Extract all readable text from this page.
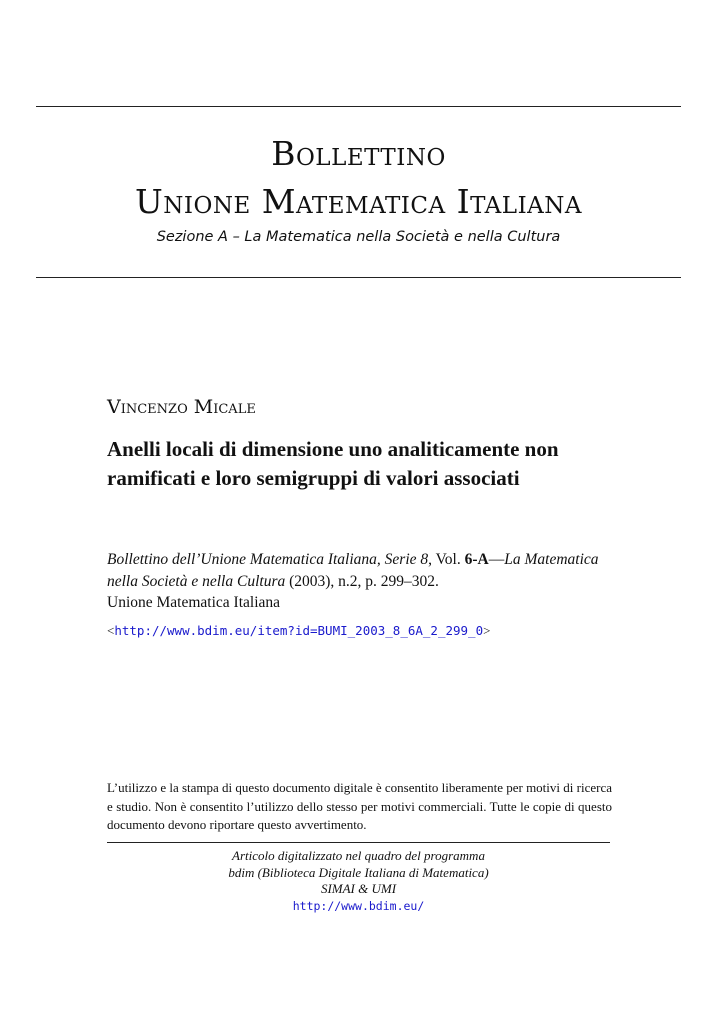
Bollettino
Unione Matematica Italiana
Sezione A – La Matematica nella Società e nella Cultura
Vincenzo Micale
Anelli locali di dimensione uno analiticamente non ramificati e loro semigruppi di valori associati
Bollettino dell’Unione Matematica Italiana, Serie 8, Vol. 6-A—La Matematica nella Società e nella Cultura (2003), n.2, p. 299–302.
Unione Matematica Italiana
<http://www.bdim.eu/item?id=BUMI_2003_8_6A_2_299_0>
L’utilizzo e la stampa di questo documento digitale è consentito liberamente per motivi di ricerca e studio. Non è consentito l’utilizzo dello stesso per motivi commerciali. Tutte le copie di questo documento devono riportare questo avvertimento.
Articolo digitalizzato nel quadro del programma
bdim (Biblioteca Digitale Italiana di Matematica)
SIMAI & UMI
http://www.bdim.eu/
